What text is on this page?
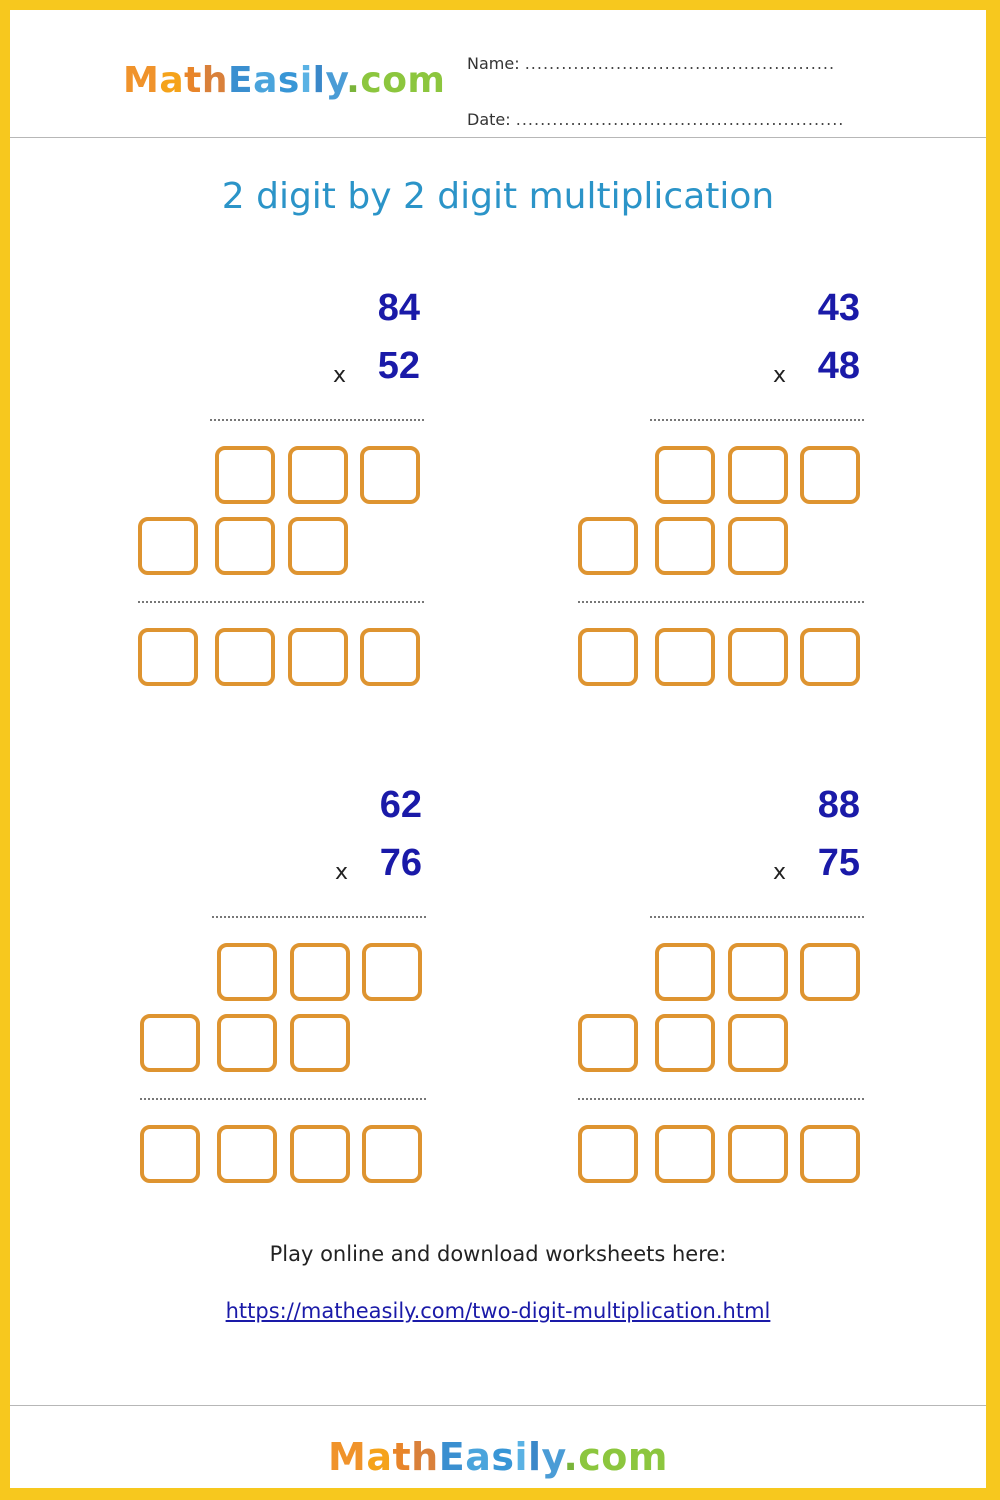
MathEasily.com Name: ...................................................
Date: ......................................................
2 digit by 2 digit multiplication
84
x 52
43
x 48
62
x 76
88
x 75
Play online and download worksheets here:
https://matheasily.com/two-digit-multiplication.html
MathEasily.com
